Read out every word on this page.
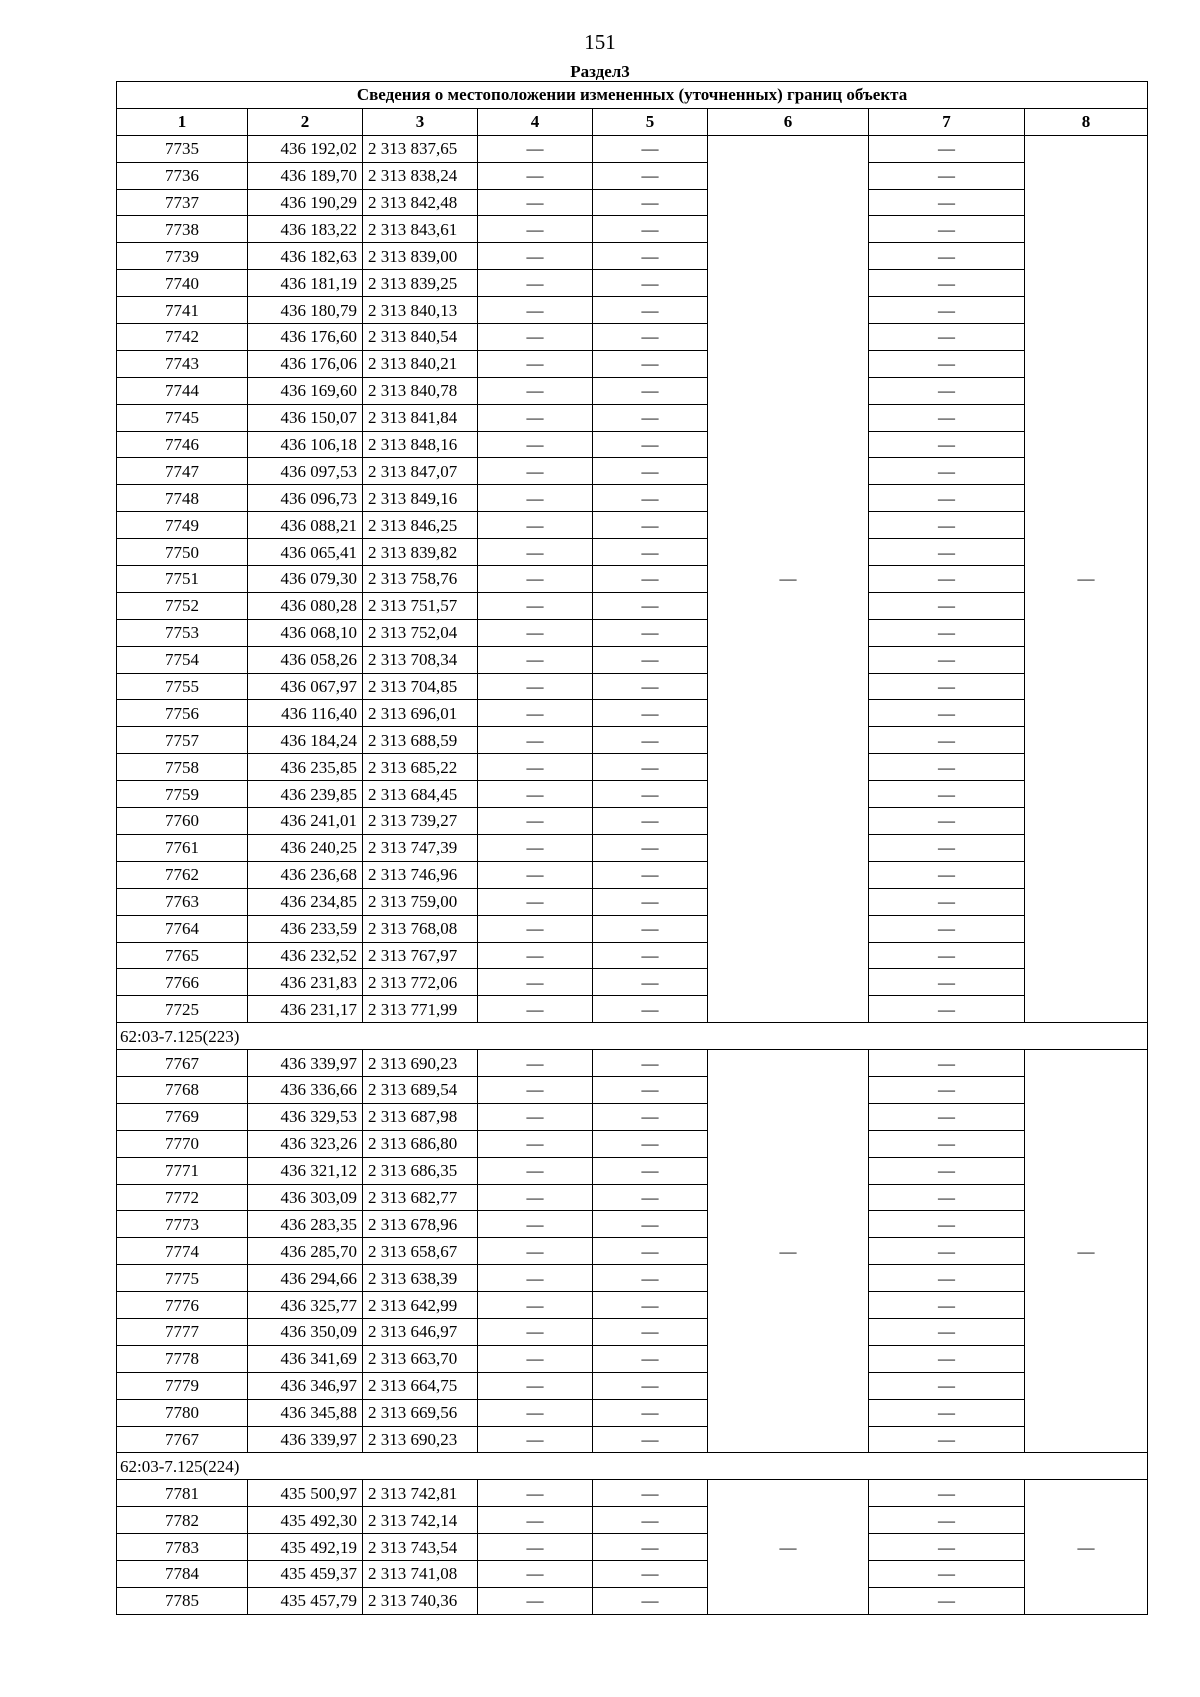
151
Раздел3
Сведения о местоположении измененных (уточненных) границ объекта							
1	2	3	4	5	6	7	8
7735	436 192,02	2 313 837,65	—	—	—	—	—
7736	436 189,70	2 313 838,24	—	—		—	
7737	436 190,29	2 313 842,48	—	—		—	
7738	436 183,22	2 313 843,61	—	—		—	
7739	436 182,63	2 313 839,00	—	—		—	
7740	436 181,19	2 313 839,25	—	—		—	
7741	436 180,79	2 313 840,13	—	—		—	
7742	436 176,60	2 313 840,54	—	—		—	
7743	436 176,06	2 313 840,21	—	—		—	
7744	436 169,60	2 313 840,78	—	—		—	
7745	436 150,07	2 313 841,84	—	—		—	
7746	436 106,18	2 313 848,16	—	—		—	
7747	436 097,53	2 313 847,07	—	—		—	
7748	436 096,73	2 313 849,16	—	—		—	
7749	436 088,21	2 313 846,25	—	—		—	
7750	436 065,41	2 313 839,82	—	—		—	
7751	436 079,30	2 313 758,76	—	—		—	
7752	436 080,28	2 313 751,57	—	—		—	
7753	436 068,10	2 313 752,04	—	—		—	
7754	436 058,26	2 313 708,34	—	—		—	
7755	436 067,97	2 313 704,85	—	—		—	
7756	436 116,40	2 313 696,01	—	—		—	
7757	436 184,24	2 313 688,59	—	—		—	
7758	436 235,85	2 313 685,22	—	—		—	
7759	436 239,85	2 313 684,45	—	—		—	
7760	436 241,01	2 313 739,27	—	—		—	
7761	436 240,25	2 313 747,39	—	—		—	
7762	436 236,68	2 313 746,96	—	—		—	
7763	436 234,85	2 313 759,00	—	—		—	
7764	436 233,59	2 313 768,08	—	—		—	
7765	436 232,52	2 313 767,97	—	—		—	
7766	436 231,83	2 313 772,06	—	—		—	
7725	436 231,17	2 313 771,99	—	—		—	
62:03-7.125(223)							
7767	436 339,97	2 313 690,23	—	—	—	—	—
7768	436 336,66	2 313 689,54	—	—		—	
7769	436 329,53	2 313 687,98	—	—		—	
7770	436 323,26	2 313 686,80	—	—		—	
7771	436 321,12	2 313 686,35	—	—		—	
7772	436 303,09	2 313 682,77	—	—		—	
7773	436 283,35	2 313 678,96	—	—		—	
7774	436 285,70	2 313 658,67	—	—		—	
7775	436 294,66	2 313 638,39	—	—		—	
7776	436 325,77	2 313 642,99	—	—		—	
7777	436 350,09	2 313 646,97	—	—		—	
7778	436 341,69	2 313 663,70	—	—		—	
7779	436 346,97	2 313 664,75	—	—		—	
7780	436 345,88	2 313 669,56	—	—		—	
7767	436 339,97	2 313 690,23	—	—		—	
62:03-7.125(224)							
7781	435 500,97	2 313 742,81	—	—	—	—	—
7782	435 492,30	2 313 742,14	—	—		—	
7783	435 492,19	2 313 743,54	—	—		—	
7784	435 459,37	2 313 741,08	—	—		—	
7785	435 457,79	2 313 740,36	—	—		—	
